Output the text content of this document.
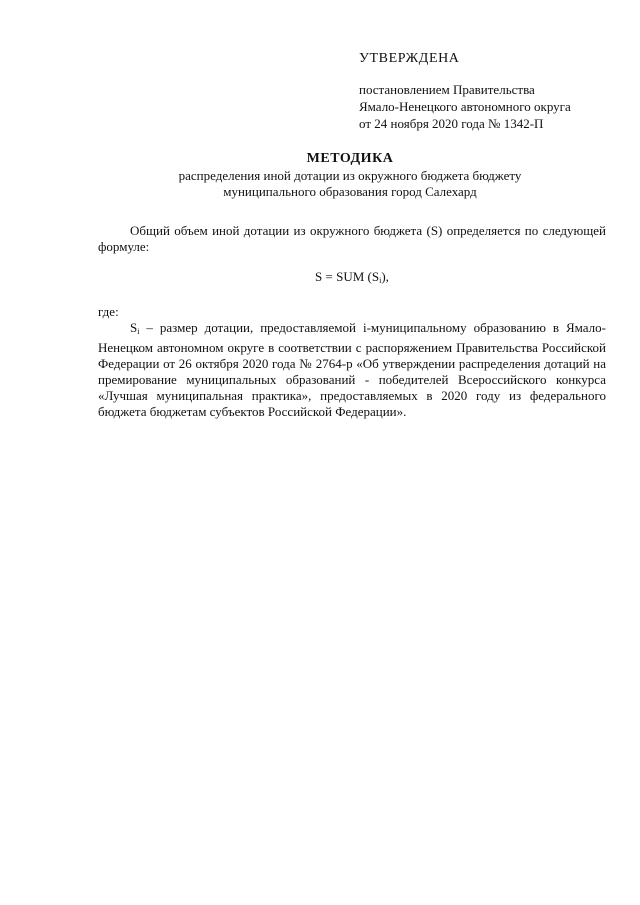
УТВЕРЖДЕНА
постановлением Правительства
Ямало-Ненецкого автономного округа
от 24 ноября 2020 года № 1342-П
МЕТОДИКА
распределения иной дотации из окружного бюджета бюджету
муниципального образования город Салехард

Общий объем иной дотации из окружного бюджета (S) определяется по следующей формуле:

S = SUM $(S_i)$,

где:

$S_i$ – размер дотации, предоставляемой i-муниципальному образованию в Ямало-Ненецком автономном округе в соответствии с распоряжением Правительства Российской Федерации от 26 октября 2020 года № 2764-р «Об утверждении распределения дотаций на премирование муниципальных образований - победителей Всероссийского конкурса «Лучшая муниципальная практика», предоставляемых в 2020 году из федерального бюджета бюджетам субъектов Российской Федерации».
